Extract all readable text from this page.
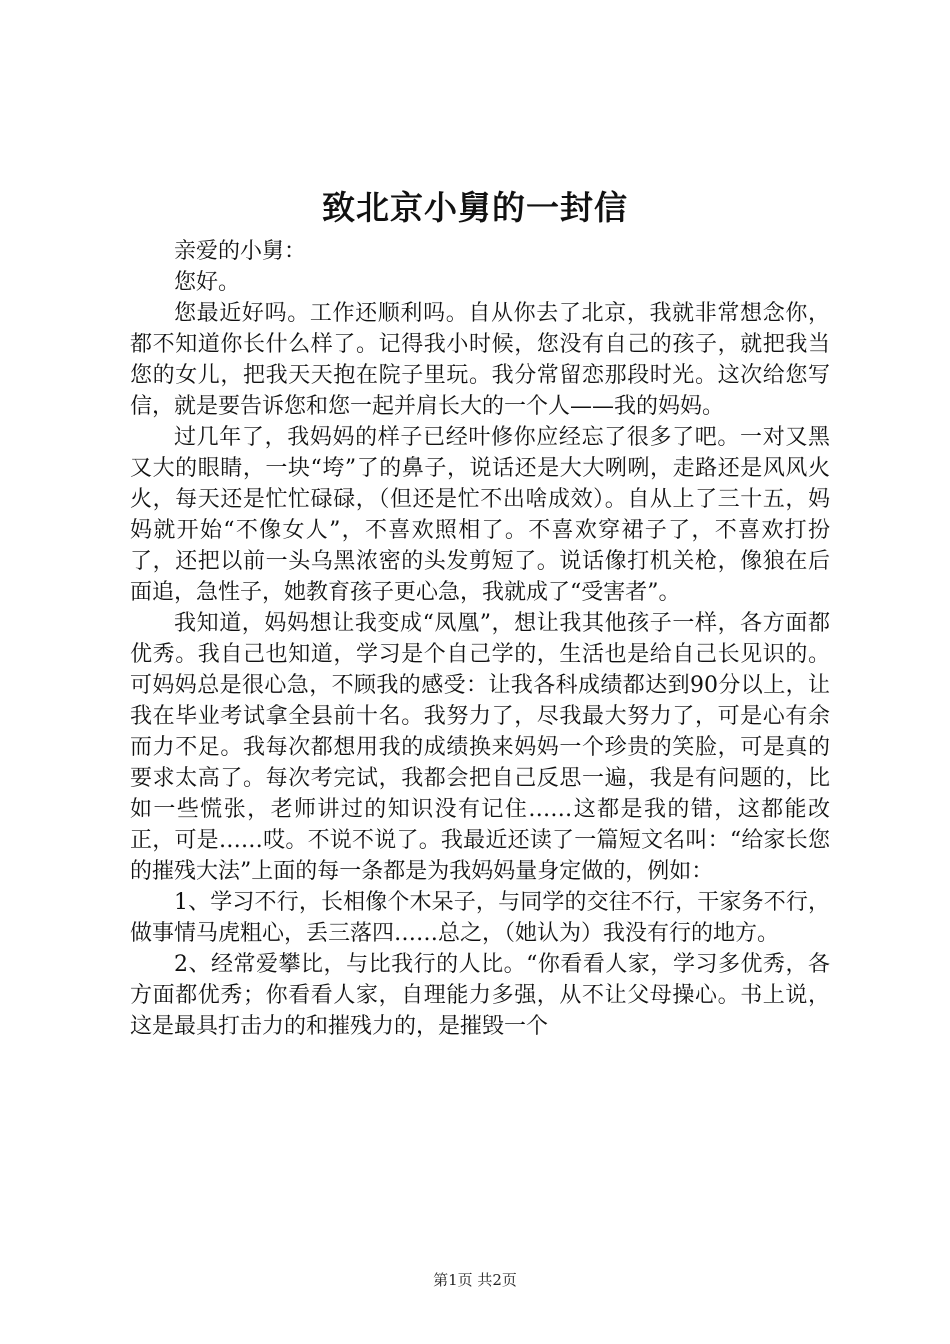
致北京小舅的一封信

亲爱的小舅：

您好。

您最近好吗。工作还顺利吗。自从你去了北京，我就非常想念你，都不知道你长什么样了。记得我小时候，您没有自己的孩子，就把我当您的女儿，把我天天抱在院子里玩。我分常留恋那段时光。这次给您写信，就是要告诉您和您一起并肩长大的一个人——我的妈妈。

过几年了，我妈妈的样子已经叶修你应经忘了很多了吧。一对又黑又大的眼睛，一块“垮”了的鼻子，说话还是大大咧咧，走路还是风风火火，每天还是忙忙碌碌，（但还是忙不出啥成效）。自从上了三十五，妈妈就开始“不像女人”，不喜欢照相了。不喜欢穿裙子了，不喜欢打扮了，还把以前一头乌黑浓密的头发剪短了。说话像打机关枪，像狼在后面追，急性子，她教育孩子更心急，我就成了“受害者”。

我知道，妈妈想让我变成“凤凰”，想让我其他孩子一样，各方面都优秀。我自己也知道，学习是个自己学的，生活也是给自己长见识的。可妈妈总是很心急，不顾我的感受：让我各科成绩都达到90分以上，让我在毕业考试拿全县前十名。我努力了，尽我最大努力了，可是心有余而力不足。我每次都想用我的成绩换来妈妈一个珍贵的笑脸，可是真的要求太高了。每次考完试，我都会把自己反思一遍，我是有问题的，比如一些慌张，老师讲过的知识没有记住……这都是我的错，这都能改正，可是……哎。不说不说了。我最近还读了一篇短文名叫：“给家长您的摧残大法”上面的每一条都是为我妈妈量身定做的，例如：

1、学习不行，长相像个木呆子，与同学的交往不行，干家务不行，做事情马虎粗心，丢三落四……总之，（她认为）我没有行的地方。

2、经常爱攀比，与比我行的人比。“你看看人家，学习多优秀，各方面都优秀；你看看人家，自理能力多强，从不让父母操心。书上说，这是最具打击力的和摧残力的，是摧毁一个

第1页 共2页
